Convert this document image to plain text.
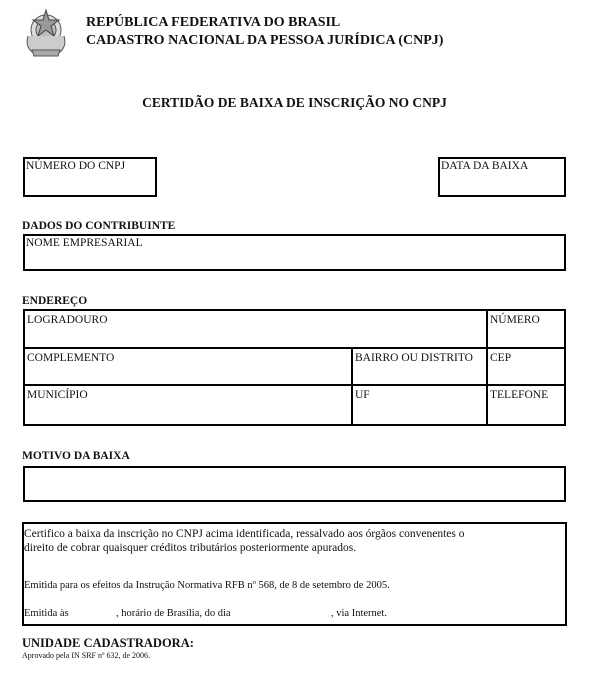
REPÚBLICA FEDERATIVA DO BRASIL
CADASTRO NACIONAL DA PESSOA JURÍDICA (CNPJ)
CERTIDÃO DE BAIXA DE INSCRIÇÃO NO CNPJ
NÚMERO DO CNPJ	DATA DA BAIXA
DADOS DO CONTRIBUINTE
NOME EMPRESARIAL
ENDEREÇO
LOGRADOURO	NÚMERO
COMPLEMENTO	BAIRRO OU DISTRITO	CEP
MUNICÍPIO	UF	TELEFONE
MOTIVO DA BAIXA
Certifico a baixa da inscrição no CNPJ acima identificada, ressalvado aos órgãos convenentes o
direito de cobrar quaisquer créditos tributários posteriormente apurados.
Emitida para os efeitos da Instrução Normativa RFB nº 568, de 8 de setembro de 2005.
Emitida às	, horário de Brasília, do dia	, via Internet.
UNIDADE CADASTRADORA:
Aprovado pela IN SRF nº 632, de 2006.
